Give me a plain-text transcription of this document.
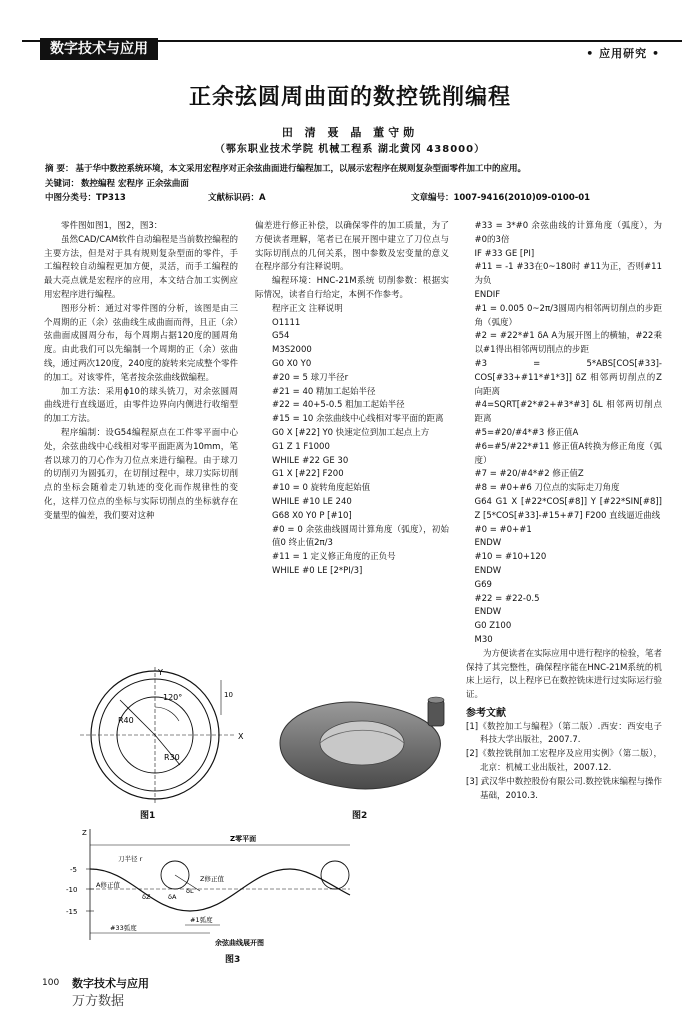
数字技术与应用	• 应用研究 •
正余弦圆周曲面的数控铣削编程
田 清 聂 晶 董守勋
（鄂东职业技术学院 机械工程系 湖北黄冈 438000）
摘 要： 基于华中数控系统环境，本文采用宏程序对正余弦曲面进行编程加工，以展示宏程序在规则复杂型面零件加工中的应用。
关键词： 数控编程 宏程序 正余弦曲面
中图分类号：TP313	文献标识码：A	文章编号：1007-9416(2010)09-0100-01

零件图如图1，图2，图3：

虽然CAD/CAM软件自动编程是当前数控编程的主要方法，但是对于具有规则复杂型面的零件，手工编程较自动编程更加方便，灵活，而手工编程的最大亮点就是宏程序的应用，本文结合加工实例应用宏程序进行编程。

图形分析：通过对零件图的分析，该图是由三个周期的正（余）弦曲线生成曲面而得，且正（余）弦曲面成圆周分布，每个周期占据120度的圆周角度。由此我们可以先编制一个周期的正（余）弦曲线，通过两次120度，240度的旋转来完成整个零件的加工。对该零件，笔者按余弦曲线做编程。

加工方法：采用ϕ10的球头铣刀，对余弦圆周曲线进行直线逼近，由零件边界向内侧进行收缩型的加工方法。

程序编制：设G54编程原点在工件零平面中心处，余弦曲线中心线相对零平面距离为10mm，笔者以球刀的刀心作为刀位点来进行编程。由于球刀的切削刃为圆弧刃，在切削过程中，球刀实际切削点的坐标会随着走刀轨迹的变化而作规律性的变化，这样刀位点的坐标与实际切削点的坐标就存在变量型的偏差，我们要对这种

偏差进行修正补偿，以确保零件的加工质量，为了方便读者理解，笔者已在展开图中建立了刀位点与实际切削点的几何关系，图中参数及宏变量的意义在程序部分有注释说明。

编程环境：HNC-21M系统 切削参数：根据实际情况，读者自行给定，本例不作参考。

程序正文 注释说明

O1111

G54

M3S2000

G0 X0 Y0

#20 = 5 球刀半径r

#21 = 40 精加工起始半径

#22 = 40+5-0.5 粗加工起始半径

#15 = 10 余弦曲线中心线相对零平面的距离

G0 X [#22] Y0 快速定位到加工起点上方

G1 Z 1 F1000

WHILE #22 GE 30

G1 X [#22] F200

#10 = 0 旋转角度起始值

WHILE #10 LE 240

G68 X0 Y0 P [#10]

#0 = 0 余弦曲线圆周计算角度（弧度），初始值0 终止值2π/3

#11 = 1 定义修正角度的正负号

WHILE #0 LE [2*PI/3]

#33 = 3*#0 余弦曲线的计算角度（弧度），为#0的3倍

IF #33 GE [PI]

#11 = -1 #33在0~180时 #11为正，否则#11为负

ENDIF

#1 = 0.005 0~2π/3圆周内相邻两切削点的步距角（弧度）

#2 = #22*#1 δA A为展开图上的横轴，#22乘以#1得出相邻两切削点的步距

#3 = 5*ABS[COS[#33]-COS[#33+#11*#1*3]] δZ 相邻两切削点的Z向距离

#4=SQRT[#2*#2+#3*#3] δL 相邻两切削点距离

#5=#20/#4*#3 修正值A

#6=#5/#22*#11 修正值A转换为修正角度（弧度）

#7 = #20/#4*#2 修正值Z

#8 = #0+#6 刀位点的实际走刀角度

G64 G1 X [#22*COS[#8]] Y [#22*SIN[#8]] Z [5*COS[#33]-#15+#7] F200 直线逼近曲线

#0 = #0+#1

ENDW

#10 = #10+120

ENDW

G69

#22 = #22-0.5

ENDW

G0 Z100

M30

为方便读者在实际应用中进行程序的检验，笔者保持了其完整性，确保程序能在HNC-21M系统的机床上运行，以上程序已在数控铣床进行过实际运行验证。

参考文献

[1]《数控加工与编程》（第二版）.西安：西安电子科技大学出版社，2007.7.

[2]《数控铣削加工宏程序及应用实例》（第二版），北京：机械工业出版社，2007.12.

[3] 武汉华中数控股份有限公司.数控铣床编程与操作基础，2010.3.

120°
R40
R30
Y
X
10
图1	图2
Z
-5
-10
-15
Z零平面
刀半径 r
Z修正值
A修正值
δZ	δA
δL
#1弧度
#33弧度
余弦曲线展开图
图3
100 数字技术与应用
万方数据
